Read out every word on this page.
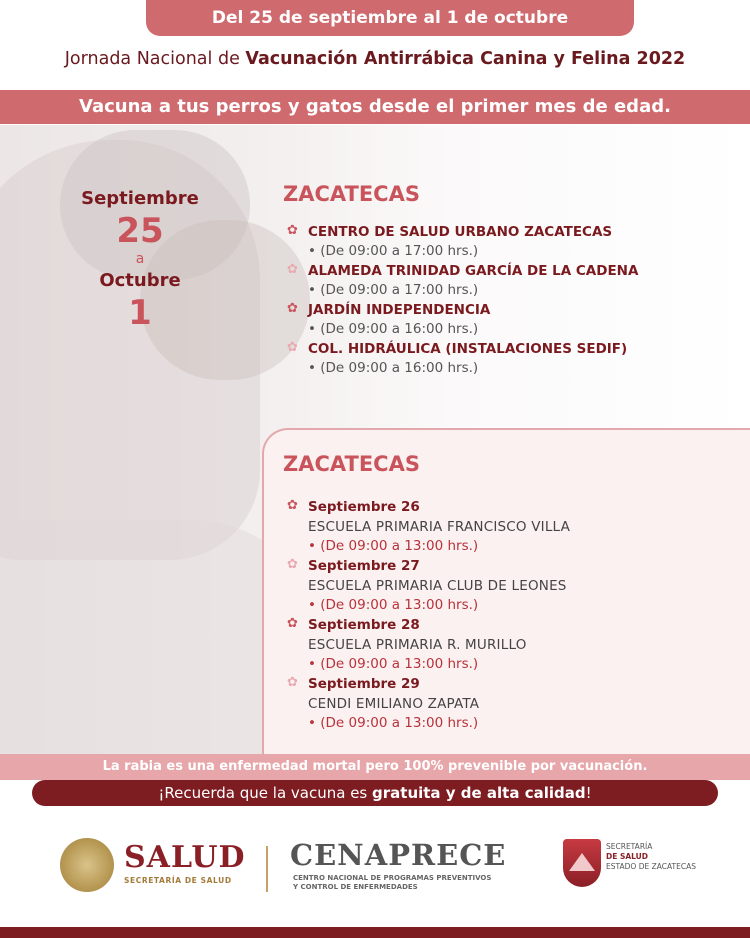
Del 25 de septiembre al 1 de octubre
Jornada Nacional de Vacunación Antirrábica Canina y Felina 2022
Vacuna a tus perros y gatos desde el primer mes de edad.
Septiembre
25
a
Octubre
1
ZACATECAS
✿ CENTRO DE SALUD URBANO ZACATECAS
• (De 09:00 a 17:00 hrs.)
✿ ALAMEDA TRINIDAD GARCÍA DE LA CADENA
• (De 09:00 a 17:00 hrs.)
✿ JARDÍN INDEPENDENCIA
• (De 09:00 a 16:00 hrs.)
✿ COL. HIDRÁULICA (INSTALACIONES SEDIF)
• (De 09:00 a 16:00 hrs.)
ZACATECAS
✿ Septiembre 26
ESCUELA PRIMARIA FRANCISCO VILLA
• (De 09:00 a 13:00 hrs.)
✿ Septiembre 27
ESCUELA PRIMARIA CLUB DE LEONES
• (De 09:00 a 13:00 hrs.)
✿ Septiembre 28
ESCUELA PRIMARIA R. MURILLO
• (De 09:00 a 13:00 hrs.)
✿ Septiembre 29
CENDI EMILIANO ZAPATA
• (De 09:00 a 13:00 hrs.)
La rabia es una enfermedad mortal pero 100% prevenible por vacunación.
¡Recuerda que la vacuna es gratuita y de alta calidad!
SALUD
SECRETARÍA DE SALUD
CENAPRECE
CENTRO NACIONAL DE PROGRAMAS PREVENTIVOS
Y CONTROL DE ENFERMEDADES
SECRETARÍA
DE SALUD
ESTADO DE ZACATECAS
